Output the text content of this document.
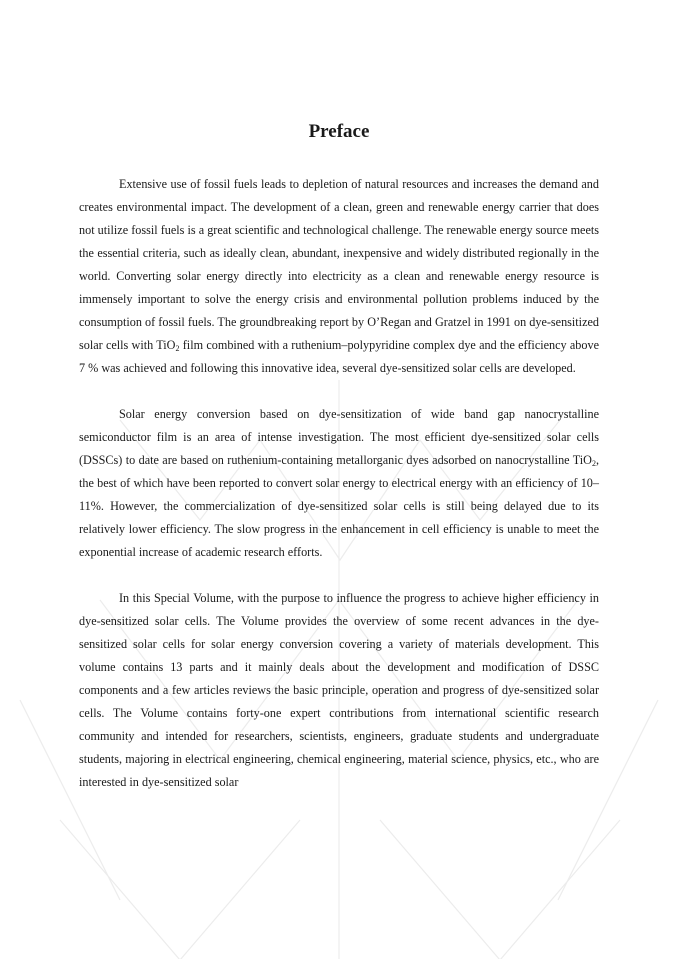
Preface

Extensive use of fossil fuels leads to depletion of natural resources and increases the demand and creates environmental impact. The development of a clean, green and renewable energy carrier that does not utilize fossil fuels is a great scientific and technological challenge. The renewable energy source meets the essential criteria, such as ideally clean, abundant, inexpensive and widely distributed regionally in the world. Converting solar energy directly into electricity as a clean and renewable energy resource is immensely important to solve the energy crisis and environmental pollution problems induced by the consumption of fossil fuels. The groundbreaking report by O’Regan and Gratzel in 1991 on dye-sensitized solar cells with TiO$_2$ film combined with a ruthenium–polypyridine complex dye and the efficiency above 7 % was achieved and following this innovative idea, several dye-sensitized solar cells are developed.

Solar energy conversion based on dye-sensitization of wide band gap nanocrystalline semiconductor film is an area of intense investigation. The most efficient dye-sensitized solar cells (DSSCs) to date are based on ruthenium-containing metallorganic dyes adsorbed on nanocrystalline TiO$_2$, the best of which have been reported to convert solar energy to electrical energy with an efficiency of 10–11%. However, the commercialization of dye-sensitized solar cells is still being delayed due to its relatively lower efficiency. The slow progress in the enhancement in cell efficiency is unable to meet the exponential increase of academic research efforts.

In this Special Volume, with the purpose to influence the progress to achieve higher efficiency in dye-sensitized solar cells. The Volume provides the overview of some recent advances in the dye-sensitized solar cells for solar energy conversion covering a variety of materials development. This volume contains 13 parts and it mainly deals about the development and modification of DSSC components and a few articles reviews the basic principle, operation and progress of dye-sensitized solar cells. The Volume contains forty-one expert contributions from international scientific research community and intended for researchers, scientists, engineers, graduate students and undergraduate students, majoring in electrical engineering, chemical engineering, material science, physics, etc., who are interested in dye-sensitized solar
